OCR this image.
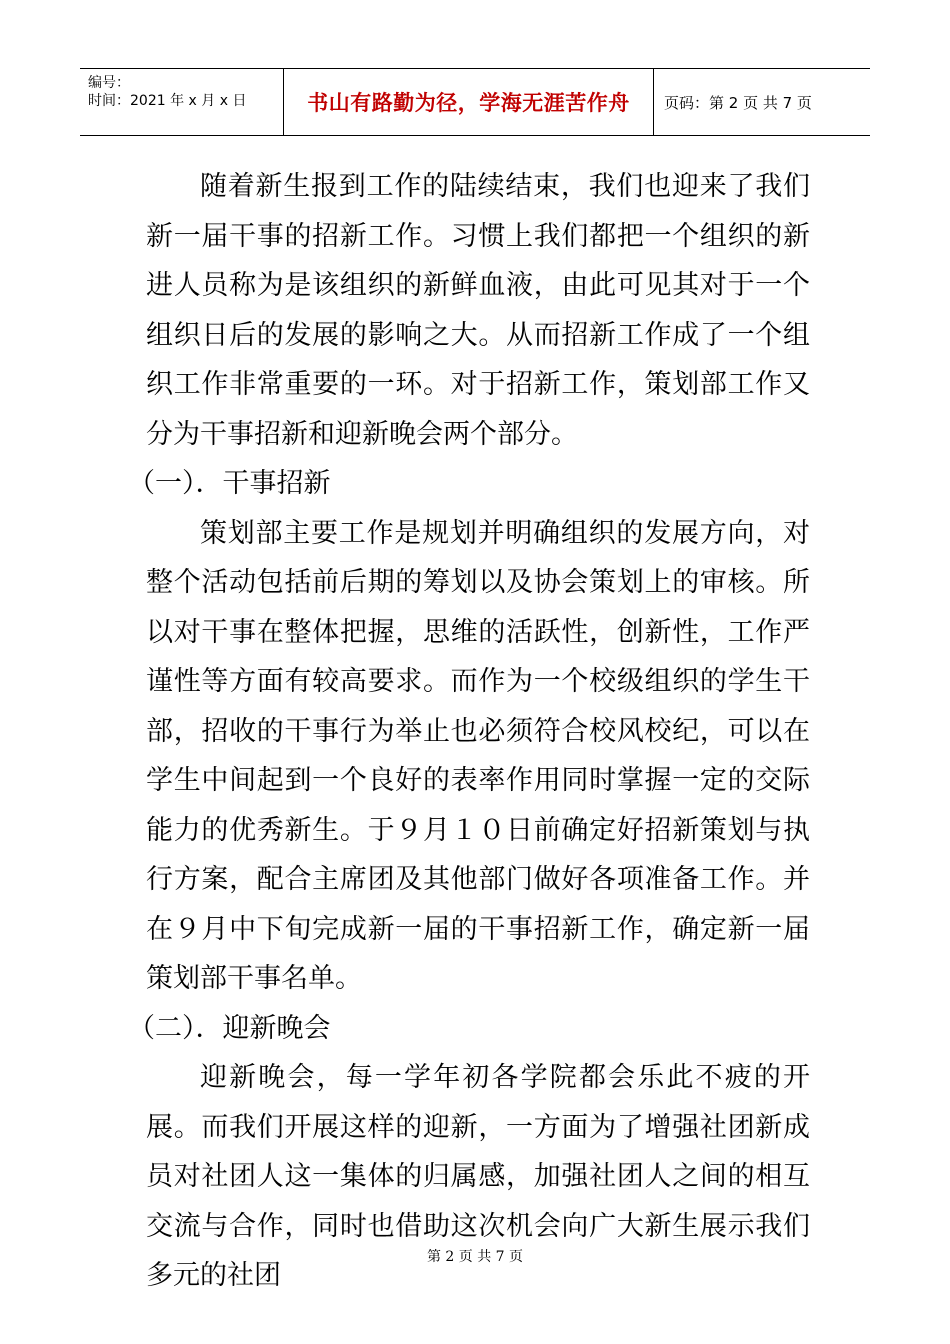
编号：
时间：2021 年 x 月 x 日	书山有路勤为径，学海无涯苦作舟 页码：第 2 页 共 7 页

随着新生报到工作的陆续结束，我们也迎来了我们新一届干事的招新工作。习惯上我们都把一个组织的新进人员称为是该组织的新鲜血液，由此可见其对于一个组织日后的发展的影响之大。从而招新工作成了一个组织工作非常重要的一环。对于招新工作，策划部工作又分为干事招新和迎新晚会两个部分。

（一）．干事招新

策划部主要工作是规划并明确组织的发展方向，对整个活动包括前后期的筹划以及协会策划上的审核。所以对干事在整体把握，思维的活跃性，创新性，工作严谨性等方面有较高要求。而作为一个校级组织的学生干部，招收的干事行为举止也必须符合校风校纪，可以在学生中间起到一个良好的表率作用同时掌握一定的交际能力的优秀新生。于９月１０日前确定好招新策划与执行方案，配合主席团及其他部门做好各项准备工作。并在９月中下旬完成新一届的干事招新工作，确定新一届策划部干事名单。

（二）．迎新晚会

迎新晚会，每一学年初各学院都会乐此不疲的开展。而我们开展这样的迎新，一方面为了增强社团新成员对社团人这一集体的归属感，加强社团人之间的相互交流与合作，同时也借助这次机会向广大新生展示我们多元的社团

第 2 页 共 7 页
